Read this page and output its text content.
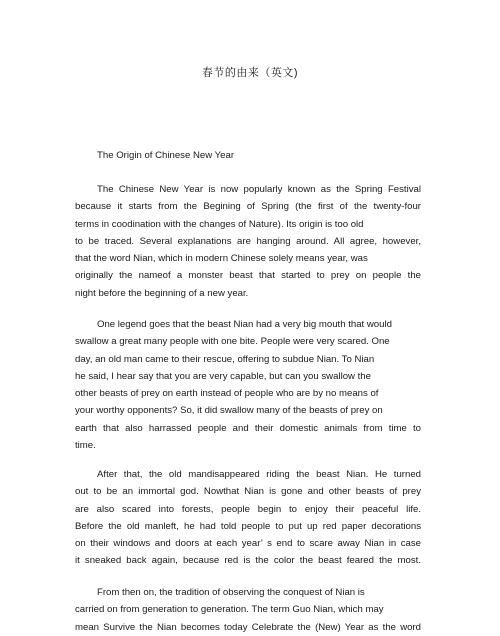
春节的由来（英文)
The Origin of Chinese New Year
The Chinese New Year is now popularly known as the Spring Festival
because it starts from the Begining of Spring (the first of the twenty-four
terms in coodination with the changes of Nature). Its origin is too old
to be traced. Several explanations are hanging around. All agree, however,
that the word Nian, which in modern Chinese solely means year, was
originally the nameof a monster beast that started to prey on people the
night before the beginning of a new year.
One legend goes that the beast Nian had a very big mouth that would
swallow a great many people with one bite. People were very scared. One
day, an old man came to their rescue, offering to subdue Nian. To Nian
he said, I hear say that you are very capable, but can you swallow the
other beasts of prey on earth instead of people who are by no means of
your worthy opponents? So, it did swallow many of the beasts of prey on
earth that also harrassed people and their domestic animals from time to
time.
After that, the old mandisappeared riding the beast Nian. He turned
out to be an immortal god. Nowthat Nian is gone and other beasts of prey
are also scared into forests, people begin to enjoy their peaceful life.
Before the old manleft, he had told people to put up red paper decorations
on their windows and doors at each year’ s end to scare away Nian in case
it sneaked back again, because red is the color the beast feared the most.
From then on, the tradition of observing the conquest of Nian is
carried on from generation to generation. The term Guo Nian, which may
mean Survive the Nian becomes today Celebrate the (New) Year as the word
